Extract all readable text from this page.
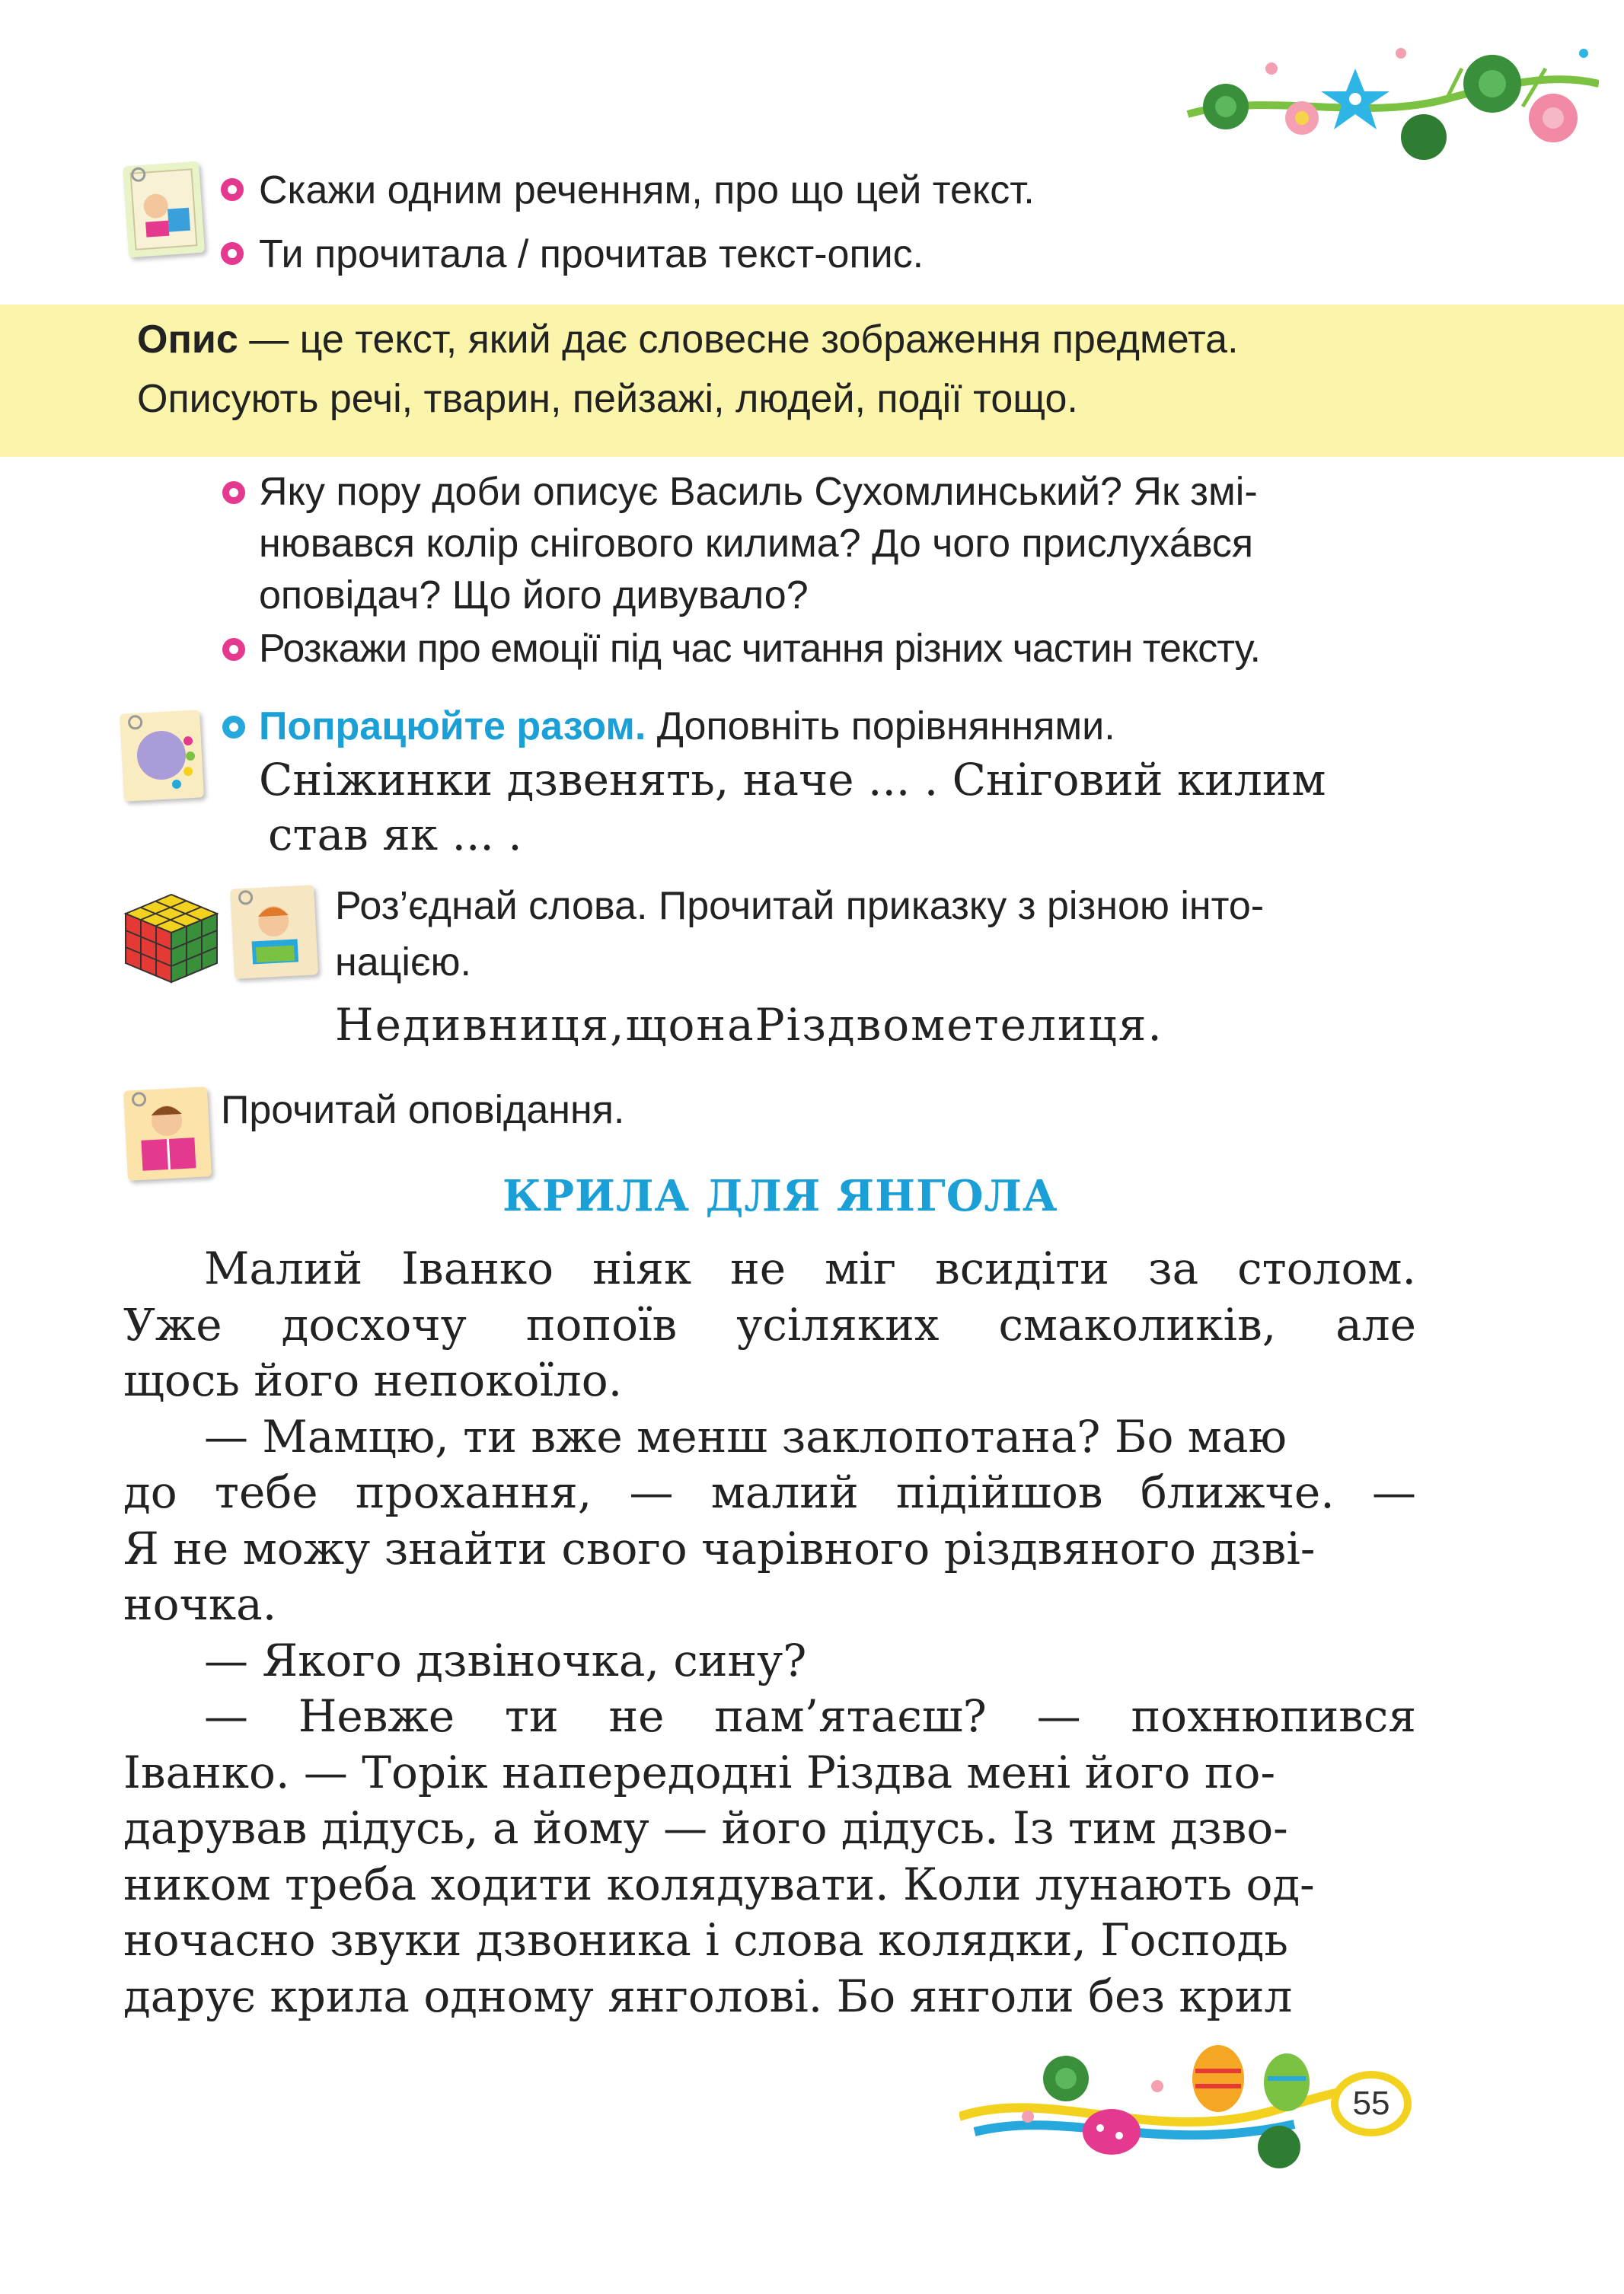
Скажи одним реченням, про що цей текст.
Ти прочитала / прочитав текст-опис.
Опис — це текст, який дає словесне зображення предмета.
Описують речі, тварин, пейзажі, людей, події тощо.
Яку пору доби описує Василь Сухомлинський? Як змі-
нювався колір снігового килима? До чого прислухáвся
оповідач? Що його дивувало?
Розкажи про емоції під час читання різних частин тексту.
Попрацюйте разом. Доповніть порівняннями.
Сніжинки дзвенять, наче ... . Сніговий килим
став як ... .
Роз’єднай слова. Прочитай приказку з різною інто-
нацією.
Недивниця,щонаРіздвометелиця.
Прочитай оповідання.
КРИЛА ДЛЯ ЯНГОЛА
Малий Іванко ніяк не міг всидіти за столом.
Уже досхочу попоїв усіляких смаколиків, але
щось його непокоїло.
— Мамцю, ти вже менш заклопотана? Бо маю
до тебе прохання, — малий підійшов ближче. —
Я не можу знайти свого чарівного різдвяного дзві-
ночка.
— Якого дзвіночка, сину?
— Невже ти не пам’ятаєш? — похнюпився
Іванко. — Торік напередодні Різдва мені його по-
дарував дідусь, а йому — його дідусь. Із тим дзво-
ником треба ходити колядувати. Коли лунають од-
ночасно звуки дзвоника і слова колядки, Господь
дарує крила одному янголові. Бо янголи без крил
55
